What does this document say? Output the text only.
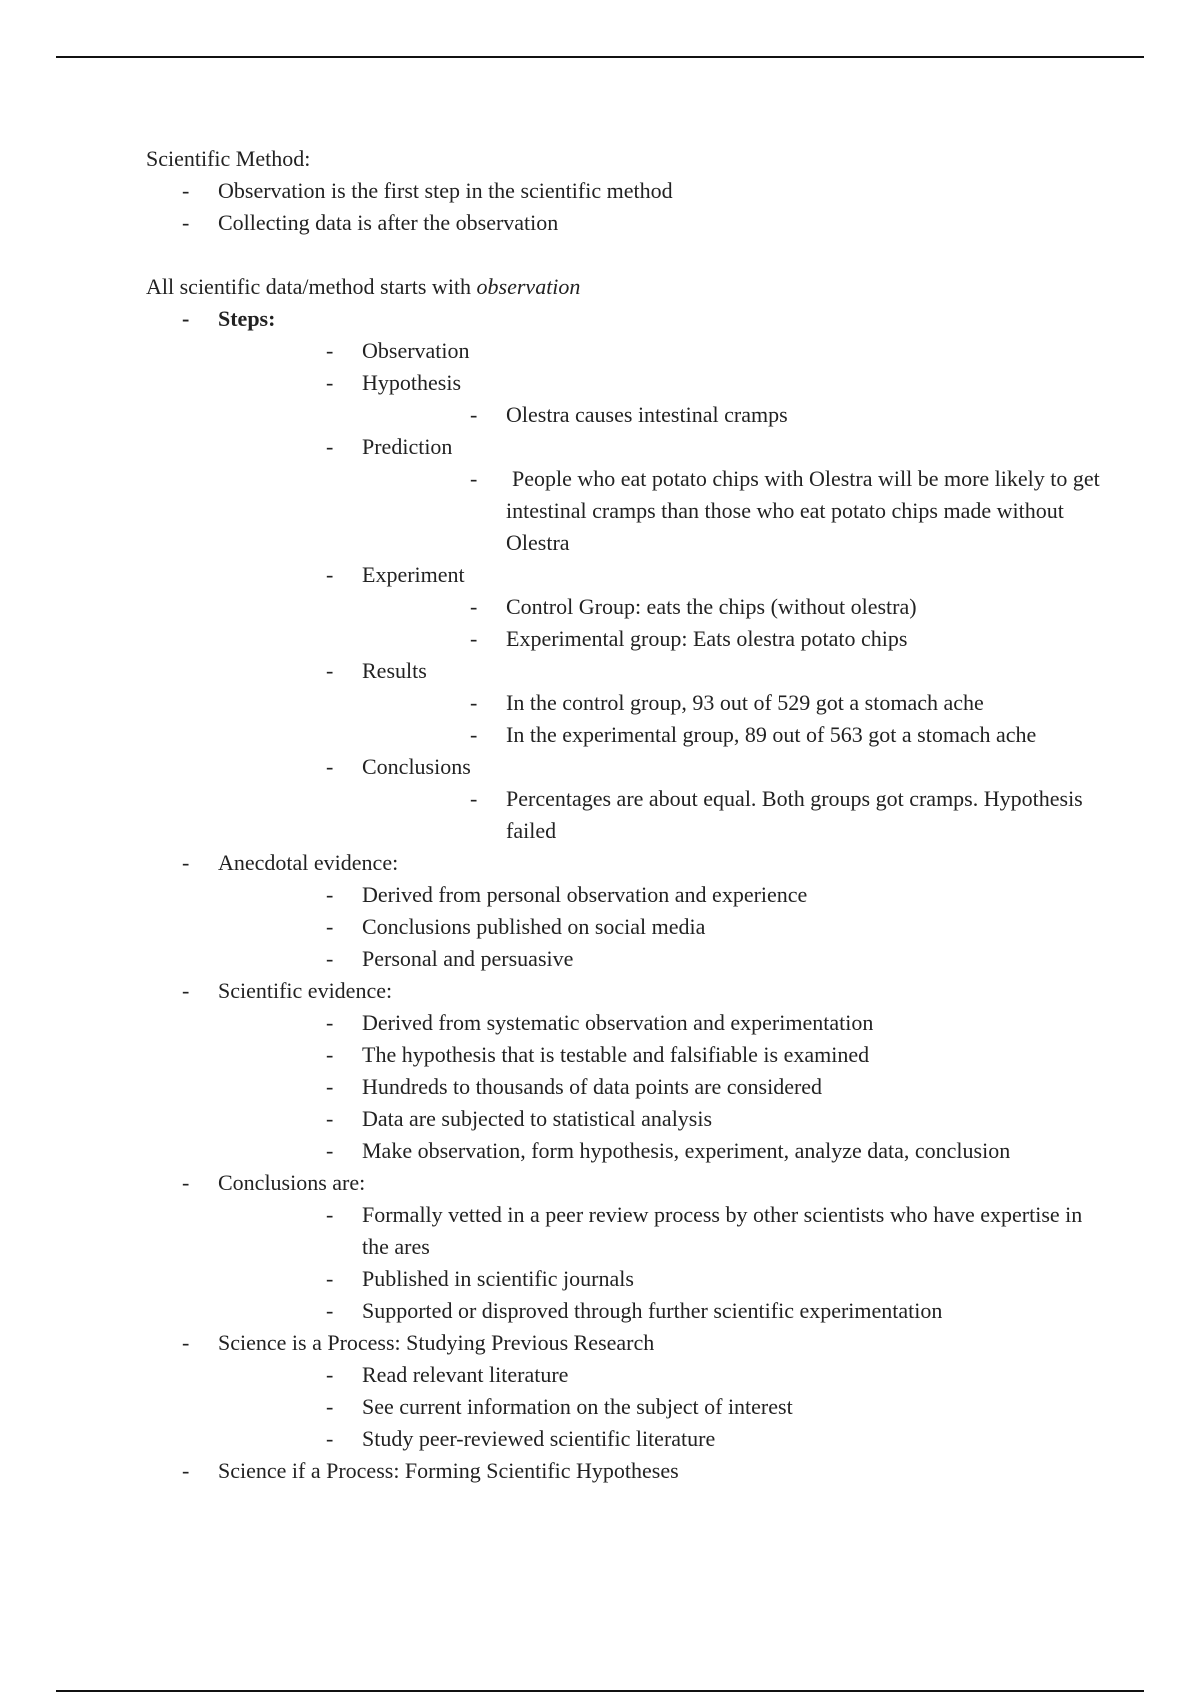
Scientific Method:

- Observation is the first step in the scientific method
- Collecting data is after the observation

All scientific data/method starts with observation

- Steps:
- Observation
- Hypothesis
- Olestra causes intestinal cramps
- Prediction
- People who eat potato chips with Olestra will be more likely to get intestinal cramps than those who eat potato chips made without Olestra
- Experiment
- Control Group: eats the chips (without olestra)
- Experimental group: Eats olestra potato chips
- Results
- In the control group, 93 out of 529 got a stomach ache
- In the experimental group, 89 out of 563 got a stomach ache
- Conclusions
- Percentages are about equal. Both groups got cramps. Hypothesis failed
- Anecdotal evidence:
- Derived from personal observation and experience
- Conclusions published on social media
- Personal and persuasive
- Scientific evidence:
- Derived from systematic observation and experimentation
- The hypothesis that is testable and falsifiable is examined
- Hundreds to thousands of data points are considered
- Data are subjected to statistical analysis
- Make observation, form hypothesis, experiment, analyze data, conclusion
- Conclusions are:
- Formally vetted in a peer review process by other scientists who have expertise in the ares
- Published in scientific journals
- Supported or disproved through further scientific experimentation
- Science is a Process: Studying Previous Research
- Read relevant literature
- See current information on the subject of interest
- Study peer-reviewed scientific literature
- Science if a Process: Forming Scientific Hypotheses
